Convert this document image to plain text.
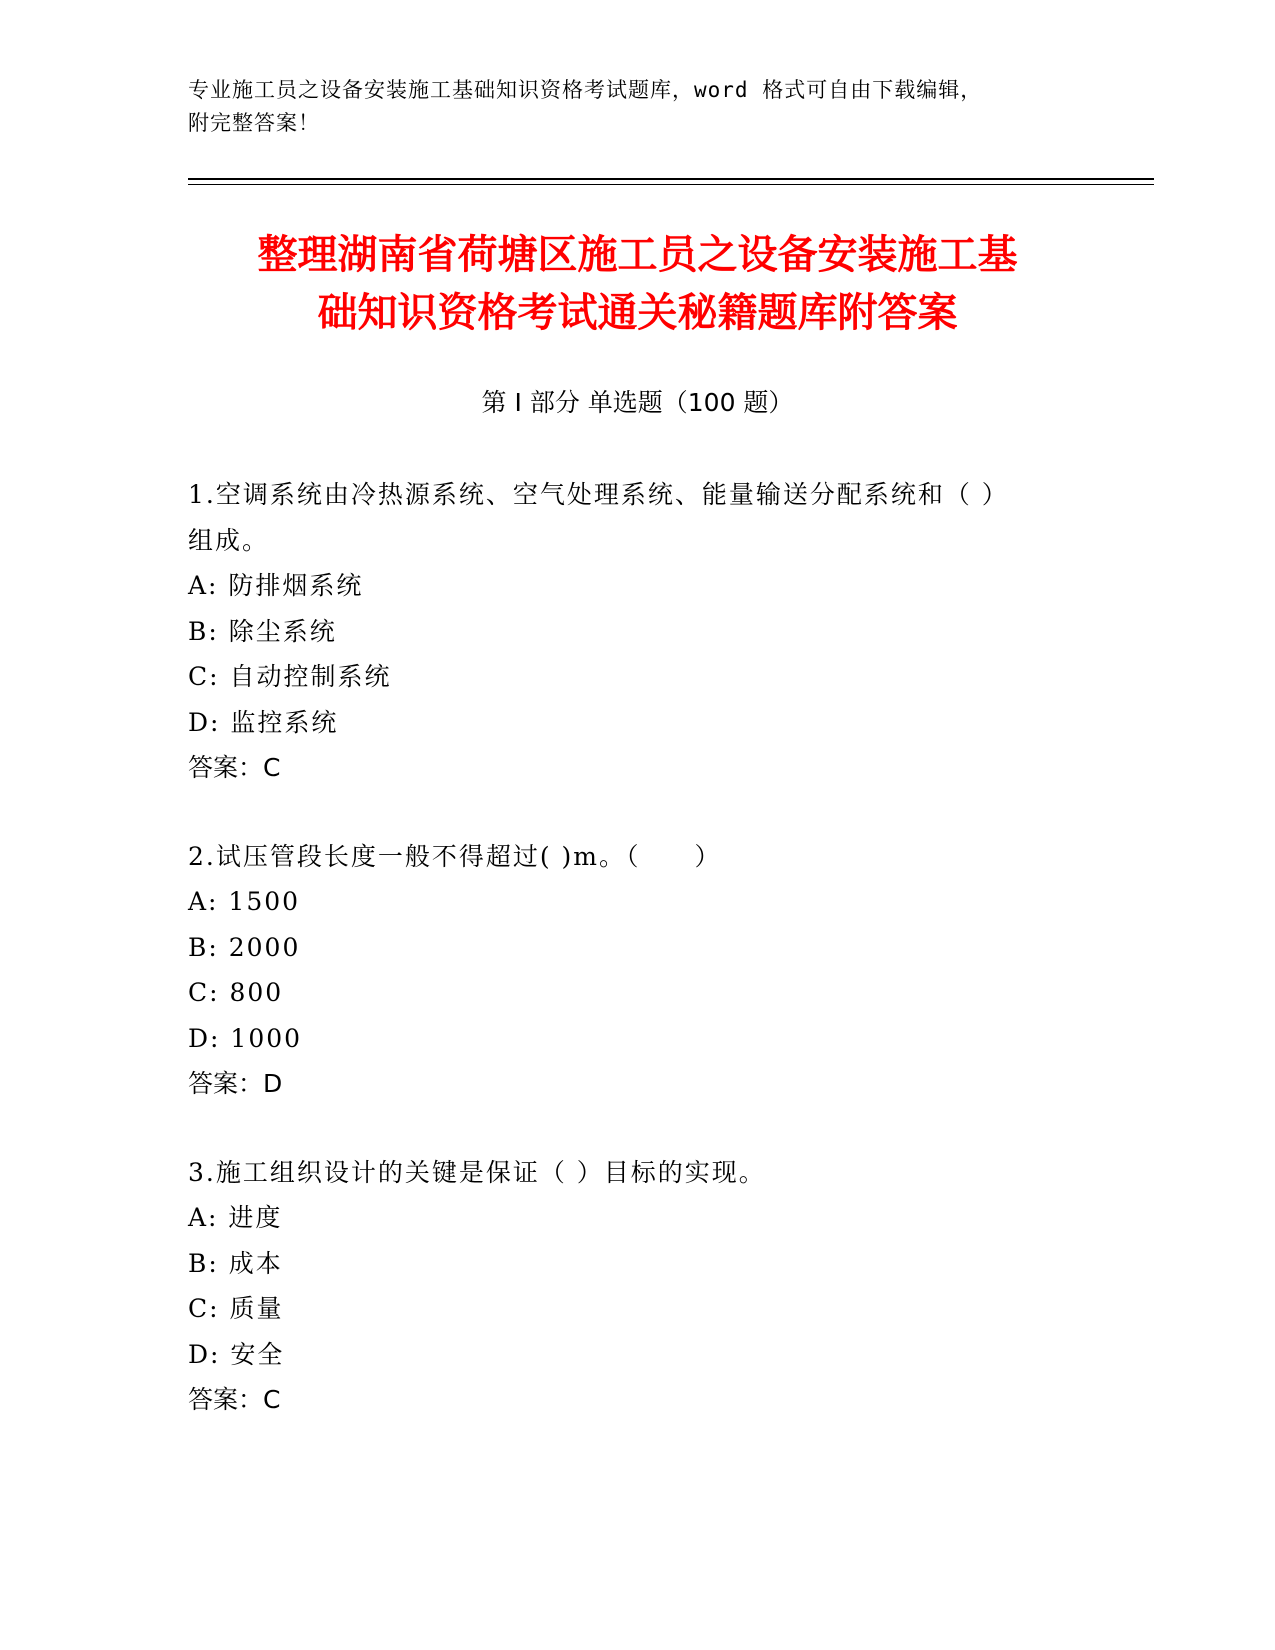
专业施工员之设备安装施工基础知识资格考试题库，word 格式可自由下载编辑，
附完整答案！
整理湖南省荷塘区施工员之设备安装施工基
础知识资格考试通关秘籍题库附答案
第 I 部分 单选题（100 题）

1.空调系统由冷热源系统、空气处理系统、能量输送分配系统和（ ）

组成。

A: 防排烟系统

B: 除尘系统

C: 自动控制系统

D: 监控系统

答案：C

2.试压管段长度一般不得超过( )m。（　　）

A: 1500

B: 2000

C: 800

D: 1000

答案：D

3.施工组织设计的关键是保证（ ）目标的实现。

A: 进度

B: 成本

C: 质量

D: 安全

答案：C
